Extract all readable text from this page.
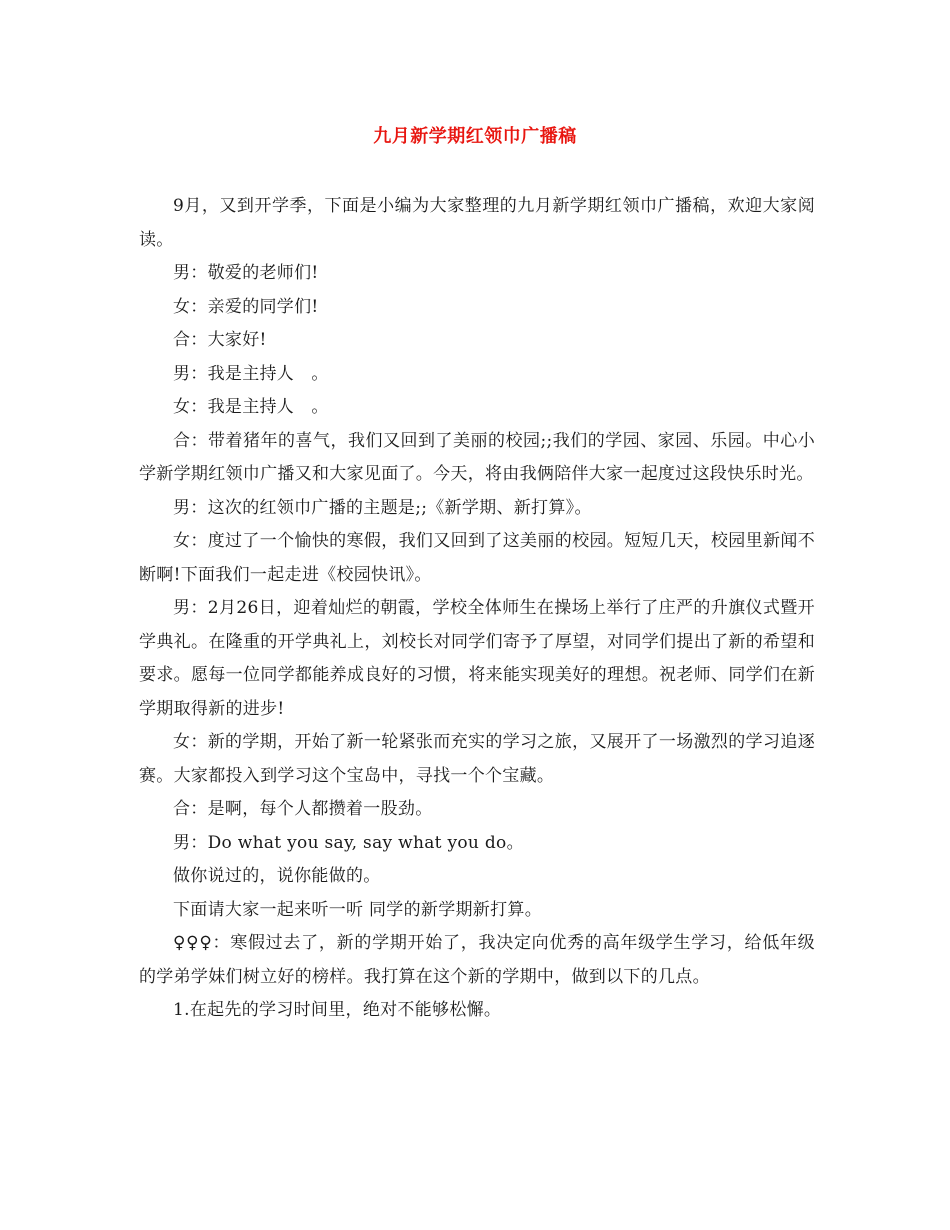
九月新学期红领巾广播稿

9月，又到开学季，下面是小编为大家整理的九月新学期红领巾广播稿，欢迎大家阅读。

男：敬爱的老师们!

女：亲爱的同学们!

合：大家好!

男：我是主持人　。

女：我是主持人　。

合：带着猪年的喜气，我们又回到了美丽的校园;;我们的学园、家园、乐园。中心小学新学期红领巾广播又和大家见面了。今天，将由我俩陪伴大家一起度过这段快乐时光。

男：这次的红领巾广播的主题是;;《新学期、新打算》。

女：度过了一个愉快的寒假，我们又回到了这美丽的校园。短短几天，校园里新闻不断啊!下面我们一起走进《校园快讯》。

男：2月26日，迎着灿烂的朝霞，学校全体师生在操场上举行了庄严的升旗仪式暨开学典礼。在隆重的开学典礼上，刘校长对同学们寄予了厚望，对同学们提出了新的希望和要求。愿每一位同学都能养成良好的习惯，将来能实现美好的理想。祝老师、同学们在新学期取得新的进步!

女：新的学期，开始了新一轮紧张而充实的学习之旅，又展开了一场激烈的学习追逐赛。大家都投入到学习这个宝岛中，寻找一个个宝藏。

合：是啊，每个人都攒着一股劲。

男：Do what you say, say what you do。

做你说过的，说你能做的。

下面请大家一起来听一听 同学的新学期新打算。

♀♀♀：寒假过去了，新的学期开始了，我决定向优秀的高年级学生学习，给低年级的学弟学妹们树立好的榜样。我打算在这个新的学期中，做到以下的几点。

1.在起先的学习时间里，绝对不能够松懈。
